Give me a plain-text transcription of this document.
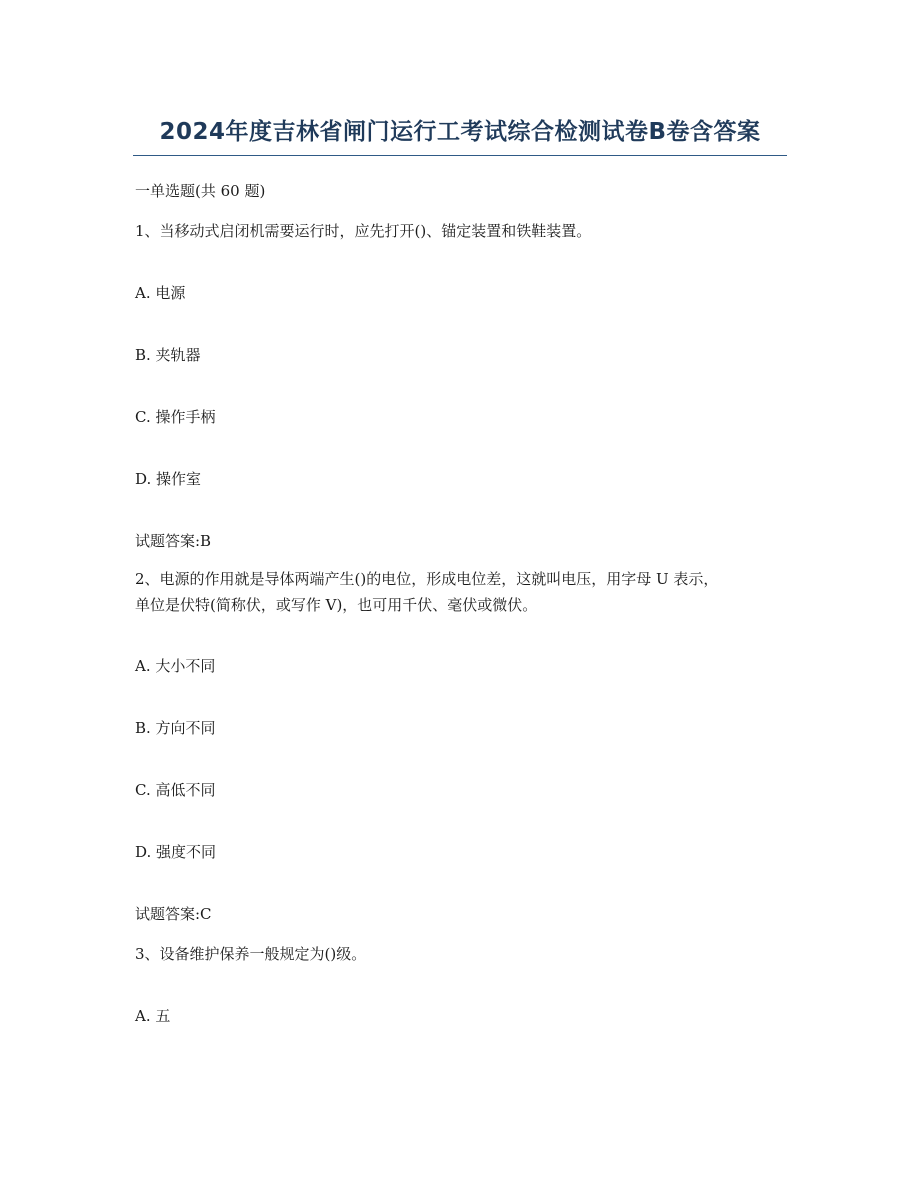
2024年度吉林省闸门运行工考试综合检测试卷B卷含答案
一单选题(共 60 题)
1、当移动式启闭机需要运行时，应先打开()、锚定装置和铁鞋装置。
A. 电源
B. 夹轨器
C. 操作手柄
D. 操作室
试题答案:B
2、电源的作用就是导体两端产生()的电位，形成电位差，这就叫电压，用字母 U 表示，
单位是伏特(简称伏，或写作 V)，也可用千伏、毫伏或微伏。
A. 大小不同
B. 方向不同
C. 高低不同
D. 强度不同
试题答案:C
3、设备维护保养一般规定为()级。
A. 五
